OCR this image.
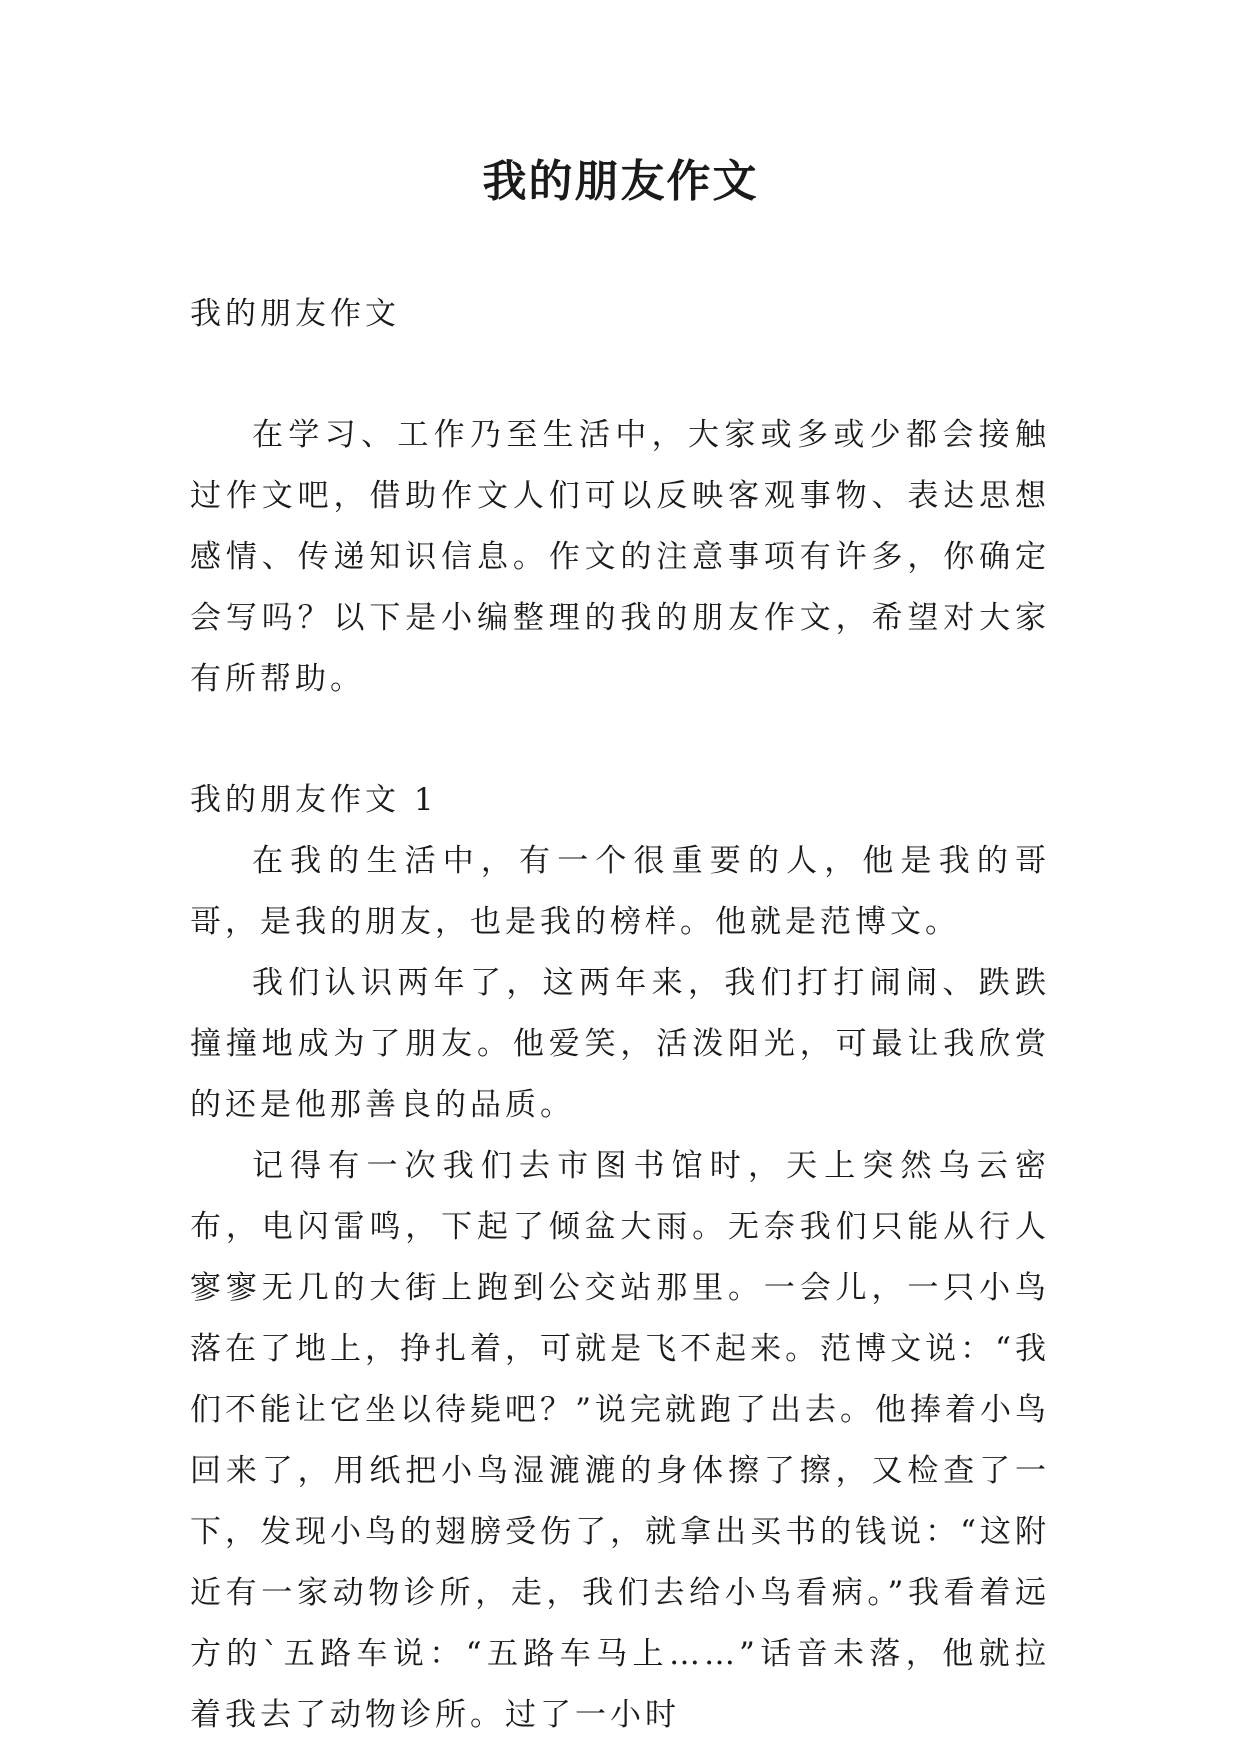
我的朋友作文

我的朋友作文

在学习、工作乃至生活中，大家或多或少都会接触过作文吧，借助作文人们可以反映客观事物、表达思想感情、传递知识信息。作文的注意事项有许多，你确定会写吗？以下是小编整理的我的朋友作文，希望对大家有所帮助。

我的朋友作文 1

在我的生活中，有一个很重要的人，他是我的哥哥，是我的朋友，也是我的榜样。他就是范博文。

我们认识两年了，这两年来，我们打打闹闹、跌跌撞撞地成为了朋友。他爱笑，活泼阳光，可最让我欣赏的还是他那善良的品质。

记得有一次我们去市图书馆时，天上突然乌云密布，电闪雷鸣，下起了倾盆大雨。无奈我们只能从行人寥寥无几的大街上跑到公交站那里。一会儿，一只小鸟落在了地上，挣扎着，可就是飞不起来。范博文说：“我们不能让它坐以待毙吧？”说完就跑了出去。他捧着小鸟回来了，用纸把小鸟湿漉漉的身体擦了擦，又检查了一下，发现小鸟的翅膀受伤了，就拿出买书的钱说：“这附近有一家动物诊所，走，我们去给小鸟看病。”我看着远方的`五路车说：“五路车马上……”话音未落，他就拉着我去了动物诊所。过了一小时
